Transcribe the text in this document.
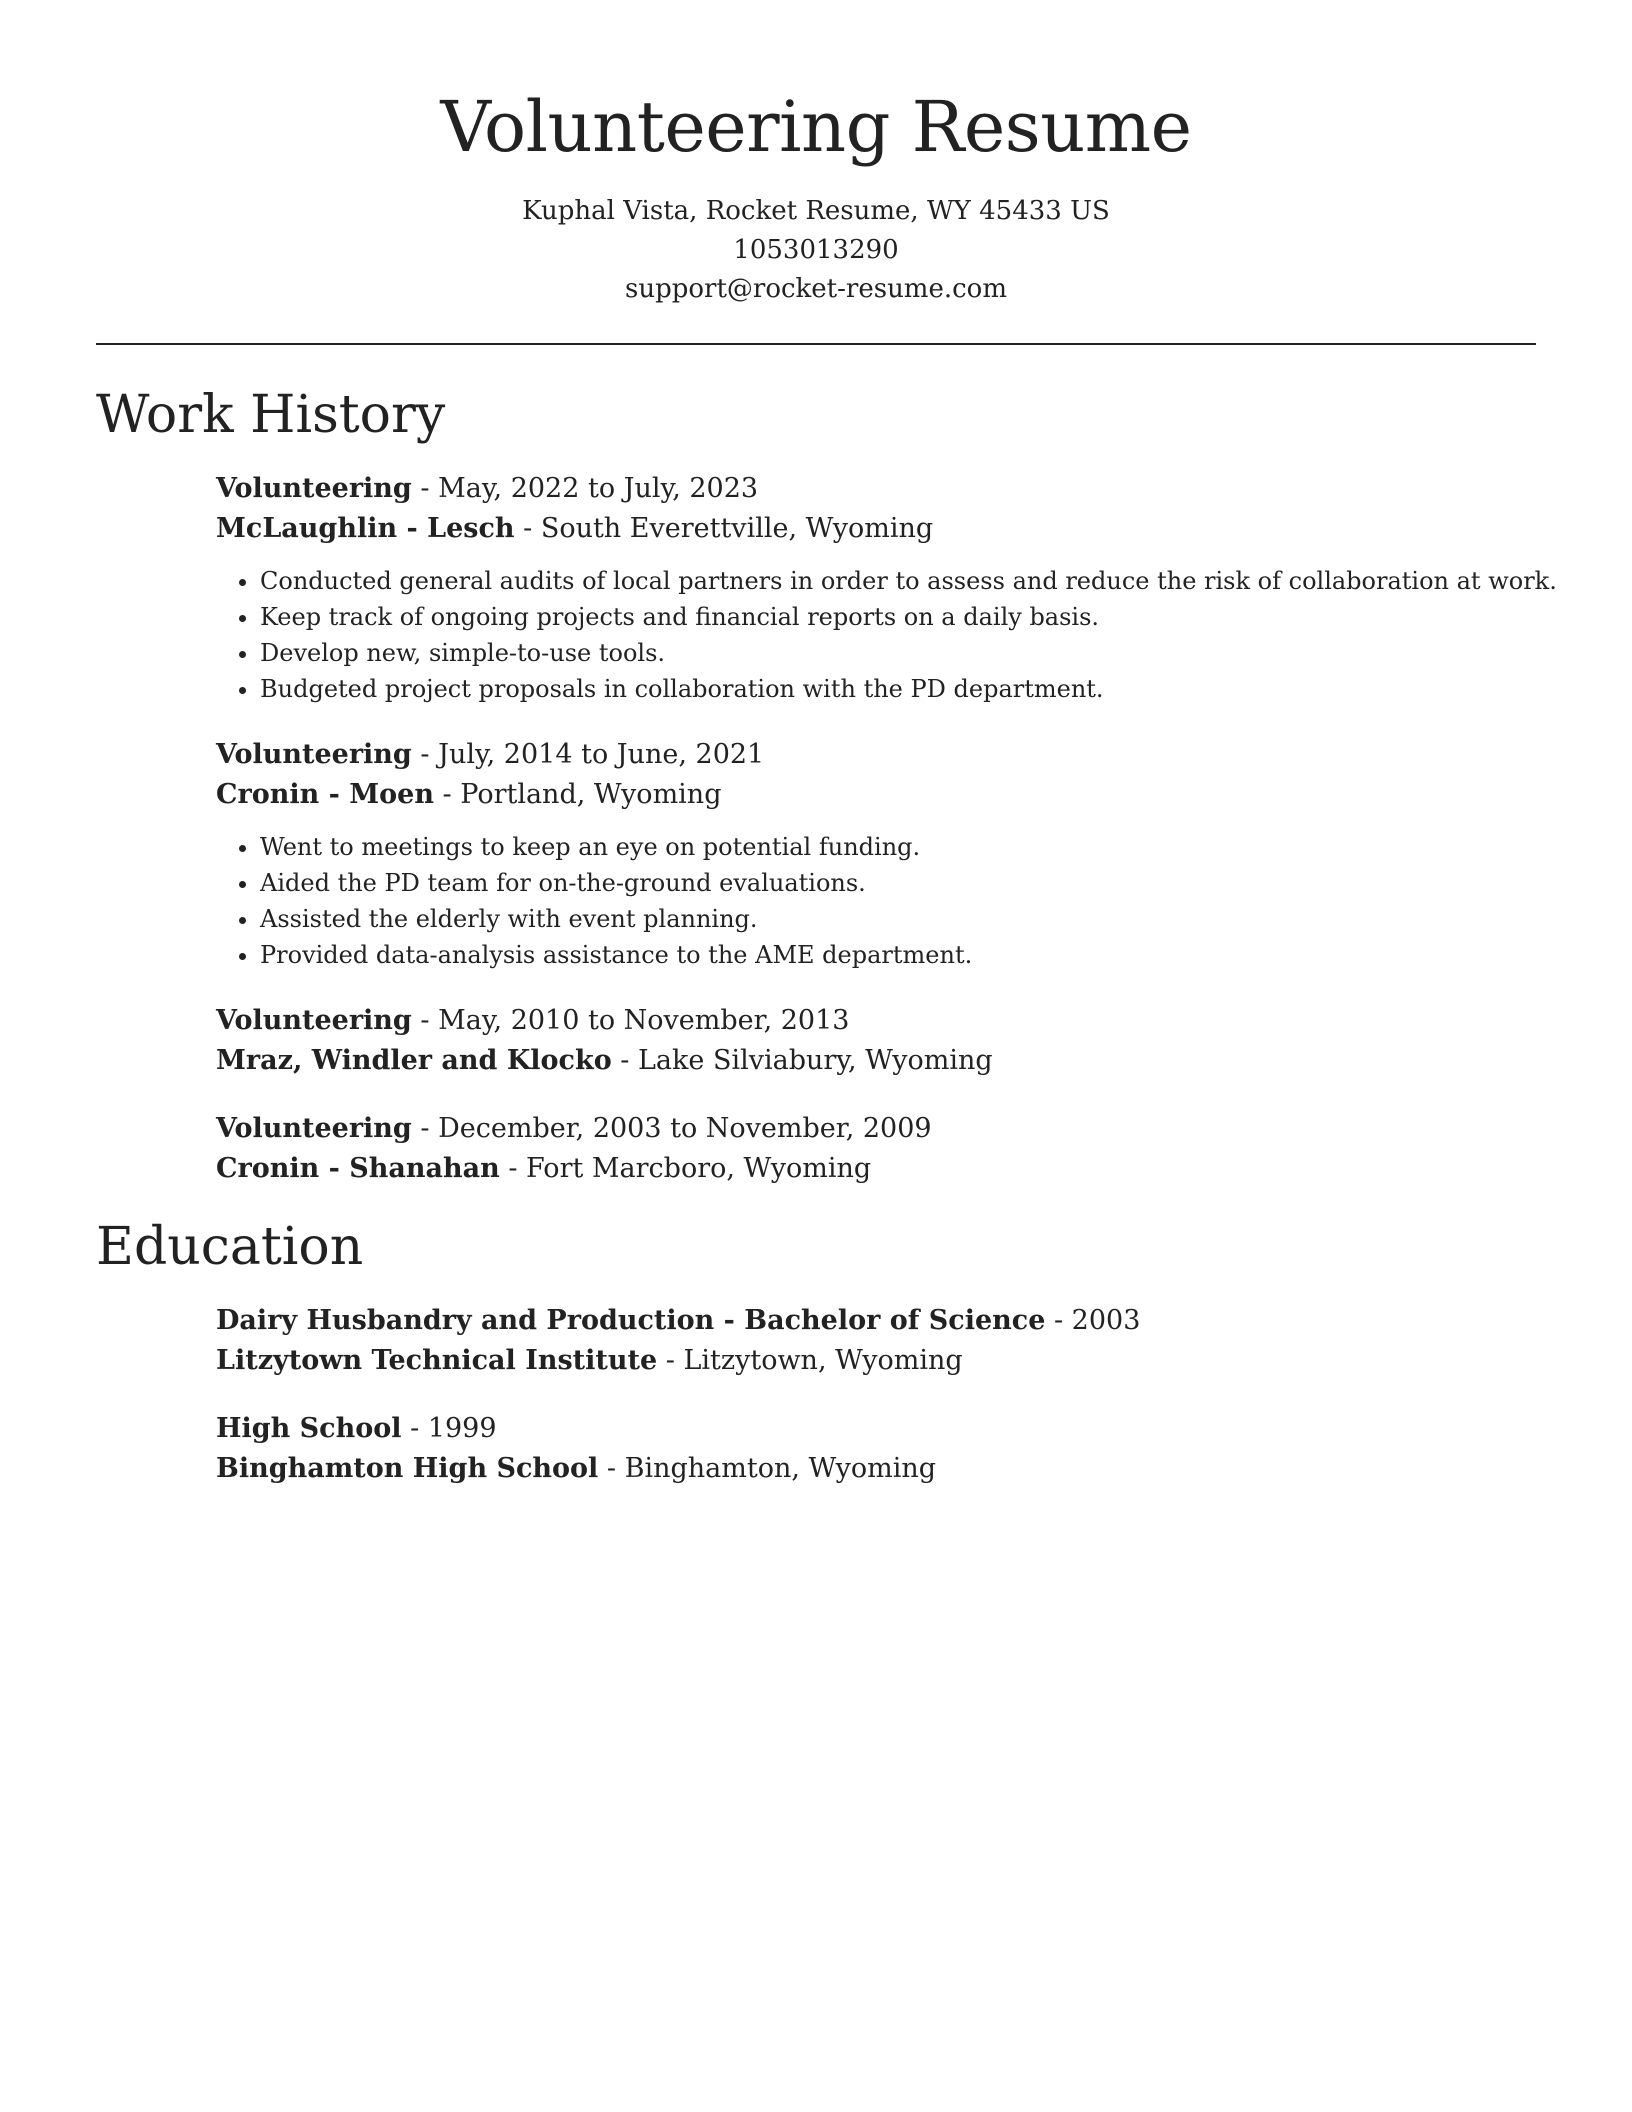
Volunteering Resume
Kuphal Vista, Rocket Resume, WY 45433 US
1053013290
support@rocket-resume.com
Work History
Volunteering - May, 2022 to July, 2023
McLaughlin - Lesch - South Everettville, Wyoming
• Conducted general audits of local partners in order to assess and reduce the risk of collaboration at work.
• Keep track of ongoing projects and financial reports on a daily basis.
• Develop new, simple-to-use tools.
• Budgeted project proposals in collaboration with the PD department.
Volunteering - July, 2014 to June, 2021
Cronin - Moen - Portland, Wyoming
• Went to meetings to keep an eye on potential funding.
• Aided the PD team for on-the-ground evaluations.
• Assisted the elderly with event planning.
• Provided data-analysis assistance to the AME department.
Volunteering - May, 2010 to November, 2013
Mraz, Windler and Klocko - Lake Silviabury, Wyoming
Volunteering - December, 2003 to November, 2009
Cronin - Shanahan - Fort Marcboro, Wyoming
Education
Dairy Husbandry and Production - Bachelor of Science - 2003
Litzytown Technical Institute - Litzytown, Wyoming
High School - 1999
Binghamton High School - Binghamton, Wyoming
